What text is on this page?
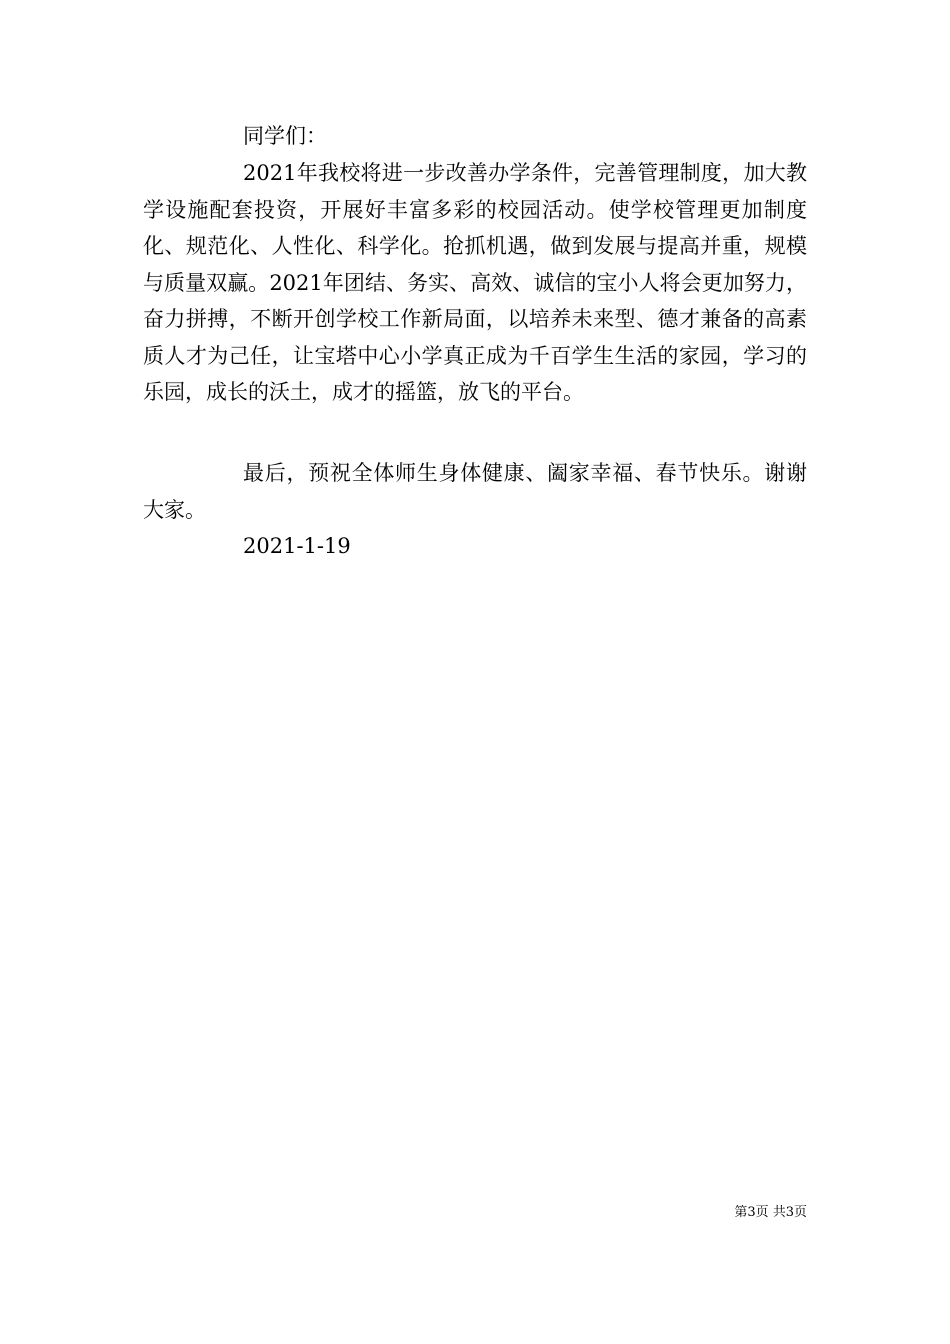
同学们：

2021年我校将进一步改善办学条件，完善管理制度，加大教学设施配套投资，开展好丰富多彩的校园活动。使学校管理更加制度化、规范化、人性化、科学化。抢抓机遇，做到发展与提高并重，规模与质量双赢。2021年团结、务实、高效、诚信的宝小人将会更加努力，奋力拼搏，不断开创学校工作新局面，以培养未来型、德才兼备的高素质人才为己任，让宝塔中心小学真正成为千百学生生活的家园，学习的乐园，成长的沃土，成才的摇篮，放飞的平台。

最后，预祝全体师生身体健康、阖家幸福、春节快乐。谢谢大家。

2021-1-19
第3页 共3页
